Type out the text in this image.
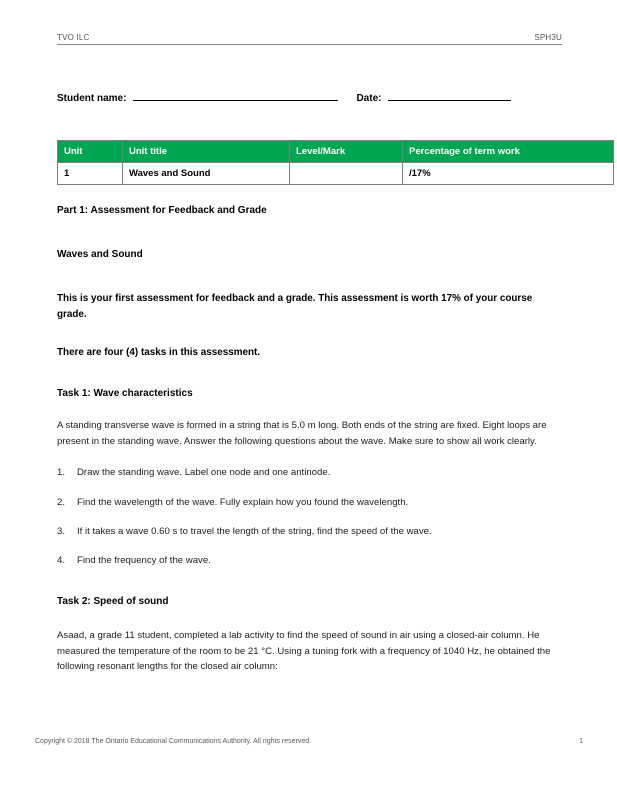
TVO ILC	SPH3U
Student name:	Date:
Unit	Unit title	Level/Mark	Percentage of term work
1	Waves and Sound		/17%

Part 1: Assessment for Feedback and Grade

Waves and Sound

This is your first assessment for feedback and a grade. This assessment is worth 17% of your course grade.

There are four (4) tasks in this assessment.

Task 1: Wave characteristics

A standing transverse wave is formed in a string that is 5.0 m long. Both ends of the string are fixed. Eight loops are present in the standing wave. Answer the following questions about the wave. Make sure to show all work clearly.

1. Draw the standing wave. Label one node and one antinode.
2. Find the wavelength of the wave. Fully explain how you found the wavelength.
3. If it takes a wave 0.60 s to travel the length of the string, find the speed of the wave.
4. Find the frequency of the wave.

Task 2: Speed of sound

Asaad, a grade 11 student, completed a lab activity to find the speed of sound in air using a closed-air column. He measured the temperature of the room to be 21 °C. Using a tuning fork with a frequency of 1040 Hz, he obtained the following resonant lengths for the closed air column:

Copyright © 2018 The Ontario Educational Communications Authority. All rights reserved.	1
